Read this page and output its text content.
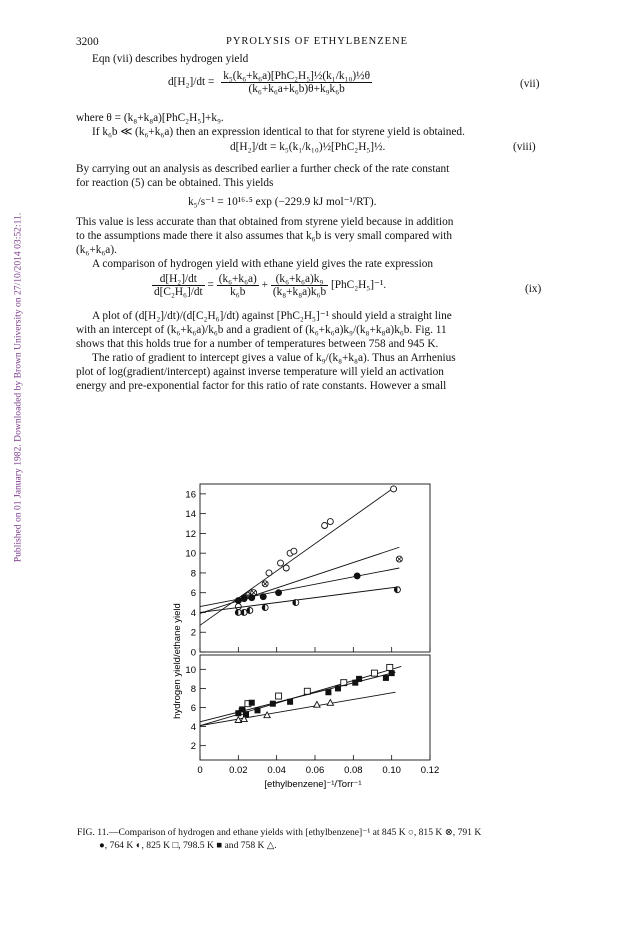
3200	PYROLYSIS OF ETHYLBENZENE
Published on 01 January 1982. Downloaded by Brown University on 27/10/2014 03:52:11.
Eqn (vii) describes hydrogen yield
$d[H_2]/dt = \frac{\text{k₅(k₆+k₆a)[PhC₂H₅]½(k₁/k₁₀)½θ}}{\text{(k₆+k₆a+k₆b)θ+k₉k₆b}}$	(vii)
where θ = (k₈+k₈a)[PhC₂H₅]+k₉.
If k₆b ≪ (k₆+k₆a) then an expression identical to that for styrene yield is obtained.
d[H₂]/dt = k₅(k₁/k₁₀)½[PhC₂H₅]½.	(viii)
By carrying out an analysis as described earlier a further check of the rate constant
for reaction (5) can be obtained. This yields
k₅/s⁻¹ = 10¹⁶·⁵ exp (−229.9 kJ mol⁻¹/RT).
This value is less accurate than that obtained from styrene yield because in addition
to the assumptions made there it also assumes that k₆b is very small compared with
(k₆+k₆a).
A comparison of hydrogen yield with ethane yield gives the rate expression
$\frac{\text{d[H₂]/dt}}{\text{d[C₂H₆]/dt}} = \frac{\text{(k₆+k₆a)}}{\text{k₆b}} + \frac{\text{(k₆+k₆a)k₉}}{\text{(k₈+k₈a)k₆b}} [PhC_2H_5]^{-1}$.	(ix)
A plot of (d[H₂]/dt)/(d[C₂H₆]/dt) against [PhC₂H₅]⁻¹ should yield a straight line
with an intercept of (k₆+k₆a)/k₆b and a gradient of (k₆+k₆a)k₉/(k₈+k₈a)k₆b. Fig. 11
shows that this holds true for a number of temperatures between 758 and 945 K.
The ratio of gradient to intercept gives a value of k₉/(k₈+k₈a). Thus an Arrhenius
plot of log(gradient/intercept) against inverse temperature will yield an activation
energy and pre-exponential factor for this ratio of rate constants. However a small
0
2
4
6
8
10
12
14
16
2
4
6
8
10
0	0.02 0.04 0.06 0.08 0.10 0.12
hydrogen yield/ethane yield
[ethylbenzene]⁻¹/Torr⁻¹
FIG. 11.—Comparison of hydrogen and ethane yields with [ethylbenzene]⁻¹ at 845 K ○, 815 K ⊗, 791 K
●, 764 K ◐, 825 K □, 798.5 K ■ and 758 K △.
